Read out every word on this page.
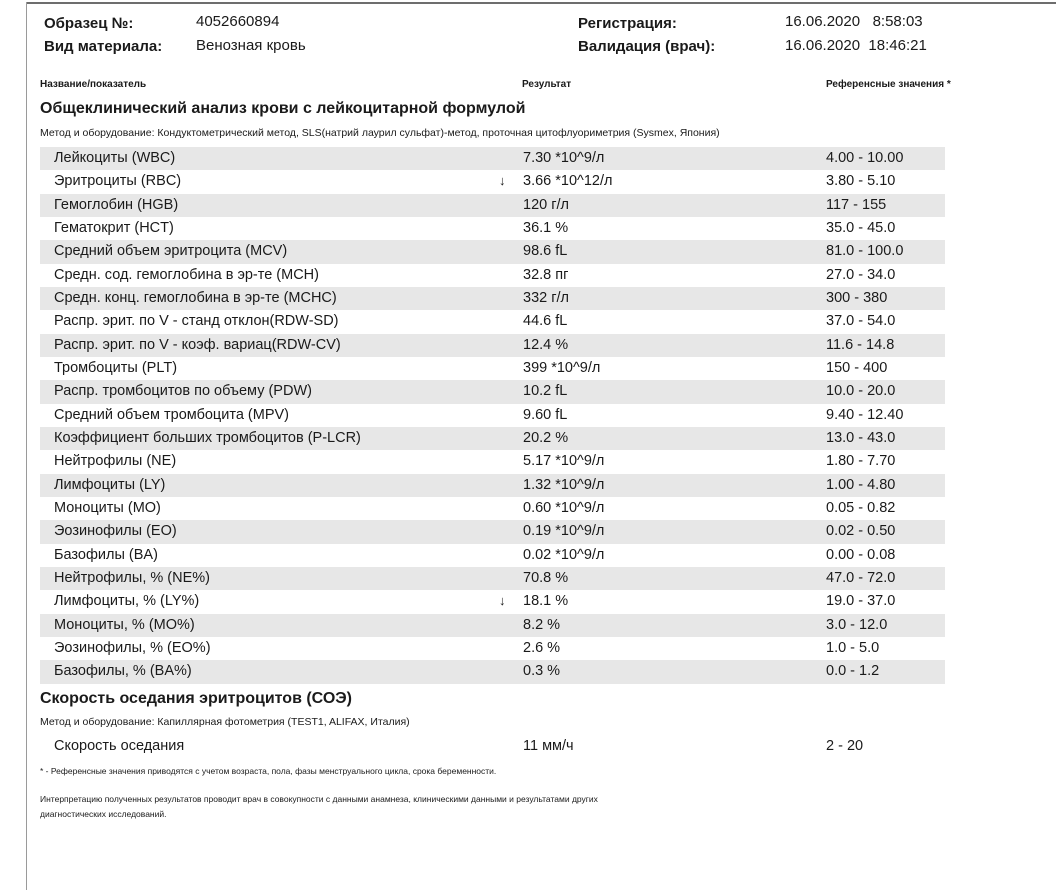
Образец №:	4052660894
Вид материала: Венозная кровь
Регистрация:	16.06.2020   8:58:03
Валидация (врач):	16.06.2020  18:46:21
Название/показатель	Результат	Референсные значения *
Общеклинический анализ крови с лейкоцитарной формулой
Метод и оборудование: Кондуктометрический метод, SLS(натрий лаурил сульфат)-метод, проточная цитофлуориметрия (Sysmex, Япония)
Лейкоциты (WBC)	7.30 *10^9/л	4.00 - 10.00
Эритроциты (RBC)	↓ 3.66 *10^12/л	3.80 - 5.10
Гемоглобин (HGB)	120 г/л	117 - 155
Гематокрит (HCT)	36.1 %	35.0 - 45.0
Средний объем эритроцита (MCV)	98.6 fL	81.0 - 100.0
Средн. сод. гемоглобина в эр-те (MCH)	32.8 пг	27.0 - 34.0
Средн. конц. гемоглобина в эр-те (MCHC)	332 г/л	300 - 380
Распр. эрит. по V - станд отклон(RDW-SD)	44.6 fL	37.0 - 54.0
Распр. эрит. по V - коэф. вариац(RDW-CV)	12.4 %	11.6 - 14.8
Тромбоциты (PLT)	399 *10^9/л	150 - 400
Распр. тромбоцитов по объему (PDW)	10.2 fL	10.0 - 20.0
Средний объем тромбоцита (MPV)	9.60 fL	9.40 - 12.40
Коэффициент больших тромбоцитов (P-LCR)	20.2 %	13.0 - 43.0
Нейтрофилы (NE)	5.17 *10^9/л	1.80 - 7.70
Лимфоциты (LY)	1.32 *10^9/л	1.00 - 4.80
Моноциты (MO)	0.60 *10^9/л	0.05 - 0.82
Эозинофилы (EO)	0.19 *10^9/л	0.02 - 0.50
Базофилы (BA)	0.02 *10^9/л	0.00 - 0.08
Нейтрофилы, % (NE%)	70.8 %	47.0 - 72.0
Лимфоциты, % (LY%)	↓ 18.1 %	19.0 - 37.0
Моноциты, % (MO%)	8.2 %	3.0 - 12.0
Эозинофилы, % (EO%)	2.6 %	1.0 - 5.0
Базофилы, % (BA%)	0.3 %	0.0 - 1.2
Скорость оседания эритроцитов (СОЭ)
Метод и оборудование: Капиллярная фотометрия (TEST1, ALIFAX, Италия)
Скорость оседания	11 мм/ч	2 - 20
* - Референсные значения приводятся с учетом возраста, пола, фазы менструального цикла, срока беременности.
Интерпретацию полученных результатов проводит врач в совокупности с данными анамнеза, клиническими данными и результатами других
диагностических исследований.
